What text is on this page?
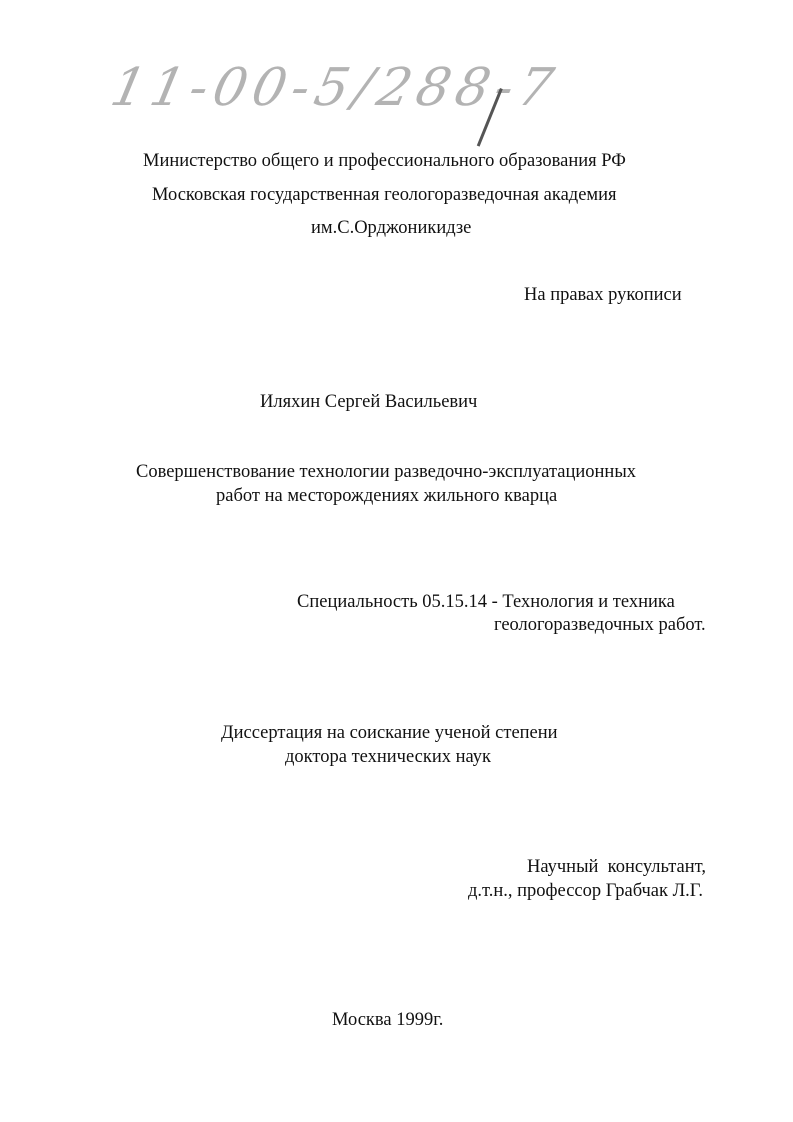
11-00-5/288-7
Министерство общего и профессионального образования РФ
Московская государственная геологоразведочная академия
им.С.Орджоникидзе
На правах рукописи
Иляхин Сергей Васильевич
Совершенствование технологии разведочно-эксплуатационных
работ на месторождениях жильного кварца
Специальность 05.15.14 - Технология и техника
геологоразведочных работ.
Диссертация на соискание ученой степени
доктора технических наук
Научный  консультант,
д.т.н., профессор Грабчак Л.Г.
Москва 1999г.
